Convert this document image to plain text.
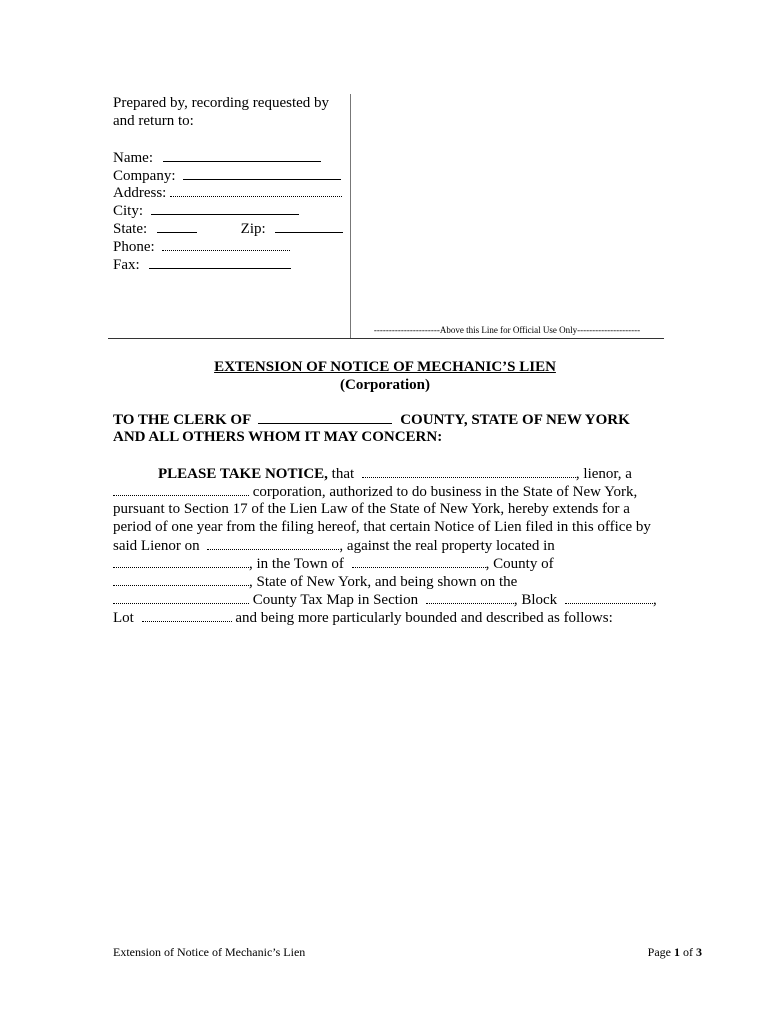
Prepared by, recording requested by
and return to:
Name:
Company:
Address:
City:
State:	Zip:
Phone:
Fax:
----------------------Above this Line for Official Use Only---------------------
EXTENSION OF NOTICE OF MECHANIC’S LIEN
(Corporation)
TO THE CLERK OF	COUNTY, STATE OF NEW YORK
AND ALL OTHERS WHOM IT MAY CONCERN:
PLEASE TAKE NOTICE, that	, lienor, a
corporation, authorized to do business in the State of New York,
pursuant to Section 17 of the Lien Law of the State of New York, hereby extends for a
period of one year from the filing hereof, that certain Notice of Lien filed in this office by
said Lienor on	, against the real property located in
, in the Town of	, County of
, State of New York, and being shown on the
County Tax Map in Section	, Block	,
Lot	and being more particularly bounded and described as follows:
Extension of Notice of Mechanic’s Lien	Page 1 of 3
